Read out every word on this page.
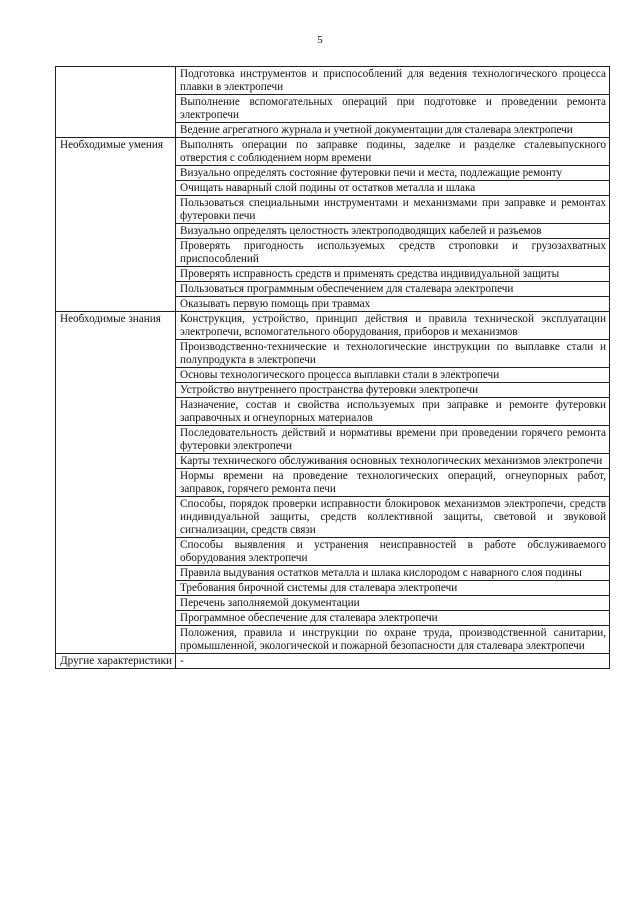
5
	Подготовка инструментов и приспособлений для ведения технологического процесса плавки в электропечи
	Выполнение вспомогательных операций при подготовке и проведении ремонта электропечи
	Ведение агрегатного журнала и учетной документации для сталевара электропечи
Необходимые умения	Выполнять операции по заправке подины, заделке и разделке сталевыпускного отверстия с соблюдением норм времени
	Визуально определять состояние футеровки печи и места, подлежащие ремонту
	Очищать наварный слой подины от остатков металла и шлака
	Пользоваться специальными инструментами и механизмами при заправке и ремонтах футеровки печи
	Визуально определять целостность электроподводящих кабелей и разъемов
	Проверять пригодность используемых средств строповки и грузозахватных приспособлений
	Проверять исправность средств и применять средства индивидуальной защиты
	Пользоваться программным обеспечением для сталевара электропечи
	Оказывать первую помощь при травмах
Необходимые знания	Конструкция, устройство, принцип действия и правила технической эксплуатации электропечи, вспомогательного оборудования, приборов и механизмов
	Производственно-технические и технологические инструкции по выплавке стали и полупродукта в электропечи
	Основы технологического процесса выплавки стали в электропечи
	Устройство внутреннего пространства футеровки электропечи
	Назначение, состав и свойства используемых при заправке и ремонте футеровки заправочных и огнеупорных материалов
	Последовательность действий и нормативы времени при проведении горячего ремонта футеровки электропечи
	Карты технического обслуживания основных технологических механизмов электропечи
	Нормы времени на проведение технологических операций, огнеупорных работ, заправок, горячего ремонта печи
	Способы, порядок проверки исправности блокировок механизмов электропечи, средств индивидуальной защиты, средств коллективной защиты, световой и звуковой сигнализации, средств связи
	Способы выявления и устранения неисправностей в работе обслуживаемого оборудования электропечи
	Правила выдувания остатков металла и шлака кислородом с наварного слоя подины
	Требования бирочной системы для сталевара электропечи
	Перечень заполняемой документации
	Программное обеспечение для сталевара электропечи
	Положения, правила и инструкции по охране труда, производственной санитарии, промышленной, экологической и пожарной безопасности для сталевара электропечи
Другие характеристики	-
